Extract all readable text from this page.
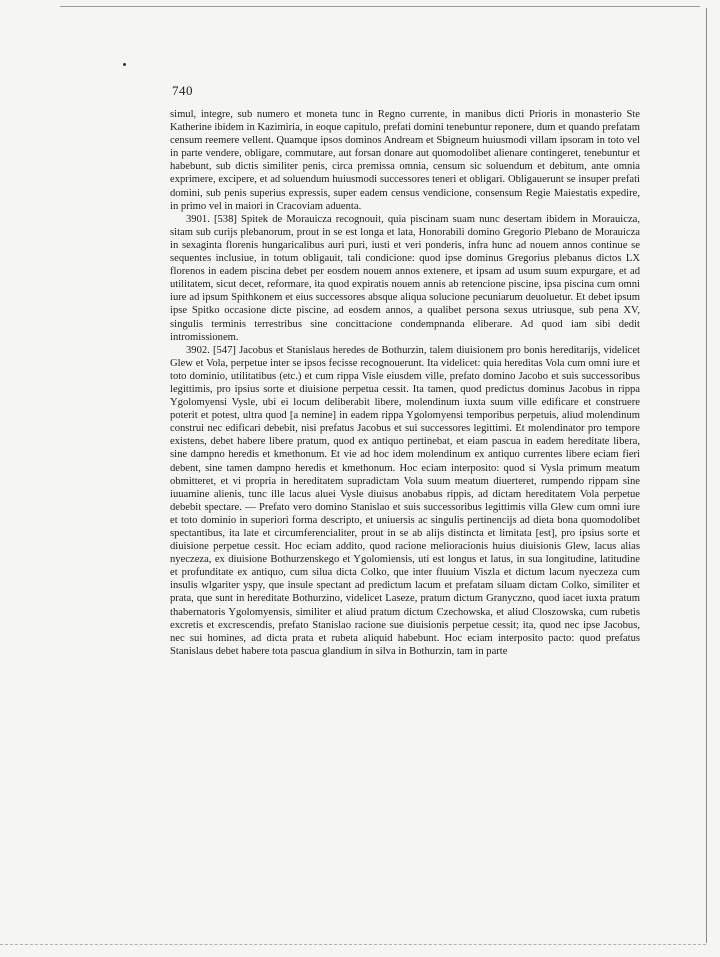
740

simul, integre, sub numero et moneta tunc in Regno currente, in manibus dicti Prioris in monasterio Ste Katherine ibidem in Kazimiria, in eoque capitulo, prefati domini tenebuntur reponere, dum et quando prefatam censum reemere vellent. Quamque ipsos dominos Andream et Sbigneum huiusmodi villam ipsoram in toto vel in parte vendere, obligare, commutare, aut forsan donare aut quomodolibet alienare contingeret, tenebuntur et habebunt, sub dictis similiter penis, circa premissa omnia, censum sic soluendum et debitum, ante omnia exprimere, excipere, et ad soluendum huiusmodi successores teneri et obligari. Obligauerunt se insuper prefati domini, sub penis superius expressis, super eadem census vendicione, consensum Regie Maiestatis expedire, in primo vel in maiori in Cracoviam aduenta.

3901. [538] Spitek de Morauicza recognouit, quia piscinam suam nunc desertam ibidem in Morauicza, sitam sub curijs plebanorum, prout in se est longa et lata, Honorabili domino Gregorio Plebano de Morauicza in sexaginta florenis hungaricalibus auri puri, iusti et veri ponderis, infra hunc ad nouem annos continue se sequentes inclusiue, in totum obligauit, tali condicione: quod ipse dominus Gregorius plebanus dictos LX florenos in eadem piscina debet per eosdem nouem annos extenere, et ipsam ad usum suum expurgare, et ad utilitatem, sicut decet, reformare, ita quod expiratis nouem annis ab retencione piscine, ipsa piscina cum omni iure ad ipsum Spithkonem et eius successores absque aliqua solucione pecuniarum deuoluetur. Et debet ipsum ipse Spitko occasione dicte piscine, ad eosdem annos, a qualibet persona sexus utriusque, sub pena XV, singulis terminis terrestribus sine concittacione condempnanda eliberare. Ad quod iam sibi dedit intromissionem.

3902. [547] Jacobus et Stanislaus heredes de Bothurzin, talem diuisionem pro bonis hereditarijs, videlicet Glew et Vola, perpetue inter se ipsos fecisse recognouerunt. Ita videlicet: quia hereditas Vola cum omni iure et toto dominio, utilitatibus (etc.) et cum rippa Visle eiusdem ville, prefato domino Jacobo et suis successoribus legittimis, pro ipsius sorte et diuisione perpetua cessit. Ita tamen, quod predictus dominus Jacobus in rippa Ygolomyensi Vysle, ubi ei locum deliberabit libere, molendinum iuxta suum ville edificare et construere poterit et potest, ultra quod [a nemine] in eadem rippa Ygolomyensi temporibus perpetuis, aliud molendinum construi nec edificari debebit, nisi prefatus Jacobus et sui successores legittimi. Et molendinator pro tempore existens, debet habere libere pratum, quod ex antiquo pertinebat, et eiam pascua in eadem hereditate libera, sine dampno heredis et kmethonum. Et vie ad hoc idem molendinum ex antiquo currentes libere eciam fieri debent, sine tamen dampno heredis et kmethonum. Hoc eciam interposito: quod si Vysla primum meatum obmitteret, et vi propria in hereditatem supradictam Vola suum meatum diuerteret, rumpendo rippam sine iuuamine alienis, tunc ille lacus aluei Vysle diuisus anobabus rippis, ad dictam hereditatem Vola perpetue debebit spectare. — Prefato vero domino Stanislao et suis successoribus legittimis villa Glew cum omni iure et toto dominio in superiori forma descripto, et uniuersis ac singulis pertinencijs ad dieta bona quomodolibet spectantibus, ita late et circumferencialiter, prout in se ab alijs distincta et limitata [est], pro ipsius sorte et diuisione perpetue cessit. Hoc eciam addito, quod racione melioracionis huius diuisionis Glew, lacus alias nyeczeza, ex diuisione Bothurzenskego et Ygolomiensis, uti est longus et latus, in sua longitudine, latitudine et profunditate ex antiquo, cum silua dicta Colko, que inter fluuium Viszla et dictum lacum nyeczeza cum insulis wlgariter yspy, que insule spectant ad predictum lacum et prefatam siluam dictam Colko, similiter et prata, que sunt in hereditate Bothurzino, videlicet Laseze, pratum dictum Granyczno, quod iacet iuxta pratum thabernatoris Ygolomyensis, similiter et aliud pratum dictum Czechowska, et aliud Closzowska, cum rubetis excretis et excrescendis, prefato Stanislao racione sue diuisionis perpetue cessit; ita, quod nec ipse Jacobus, nec sui homines, ad dicta prata et rubeta aliquid habebunt. Hoc eciam interposito pacto: quod prefatus Stanislaus debet habere tota pascua glandium in silva in Bothurzin, tam in parte
